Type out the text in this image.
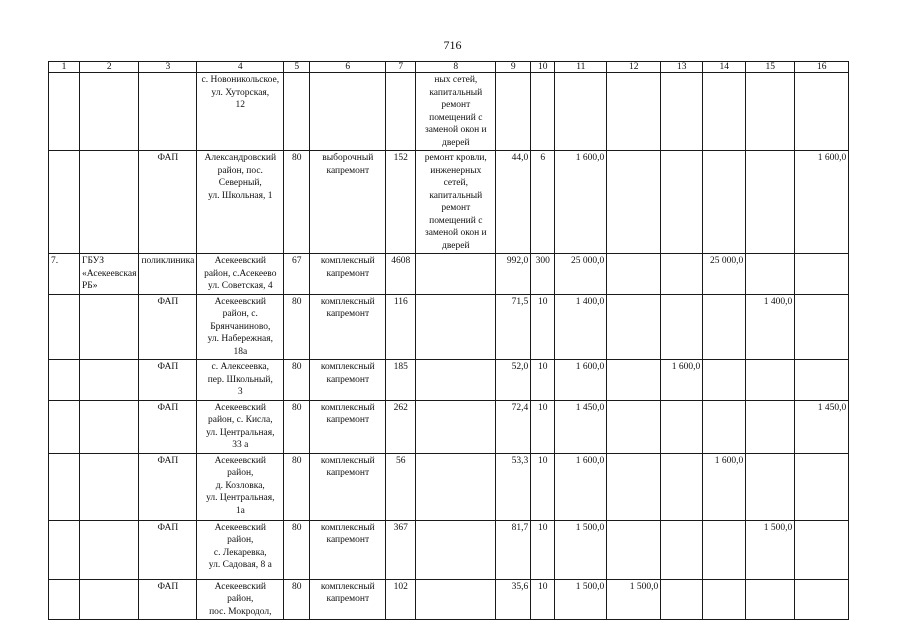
716
1	2	3	4	5	6	7	8	9	10	11	12	13	14	15	16
			с. Новоникольское,
ул. Хуторская,
12				ных сетей, капитальный
ремонт помещений с заменой окон и
дверей								
		ФАП	Александровский район, пос.
Северный,
ул. Школьная, 1	80	выборочный
капремонт	152	ремонт кровли, инженерных сетей, капитальный
ремонт помещений с заменой окон и
дверей	44,0	6	1 600,0					1 600,0
7.	ГБУЗ
«Асекеевская РБ»	поликлиника	Асекеевский
район, с.Асекеево
ул. Советская, 4	67	комплексный
капремонт	4608		992,0	300	25 000,0			25 000,0		
		ФАП	Асекеевский
район, с.
Брянчаниново,
ул. Набережная,
18а	80	комплексный
капремонт	116		71,5	10	1 400,0				1 400,0	
		ФАП	с. Алексеевка,
пер. Школьный,
3	80	комплексный
капремонт	185		52,0	10	1 600,0		1 600,0			
		ФАП	Асекеевский
район, с. Кисла,
ул. Центральная,
33 а	80	комплексный
капремонт	262		72,4	10	1 450,0					1 450,0
		ФАП	Асекеевский
район,
д. Козловка,
ул. Центральная,
1а	80	комплексный
капремонт	56		53,3	10	1 600,0			1 600,0		
		ФАП	Асекеевский
район,
с. Лекаревка,
ул. Садовая, 8 а	80	комплексный
капремонт	367		81,7	10	1 500,0				1 500,0	
		ФАП	Асекеевский
район,
пос. Мокродол,	80	комплексный
капремонт	102		35,6	10	1 500,0	1 500,0				
